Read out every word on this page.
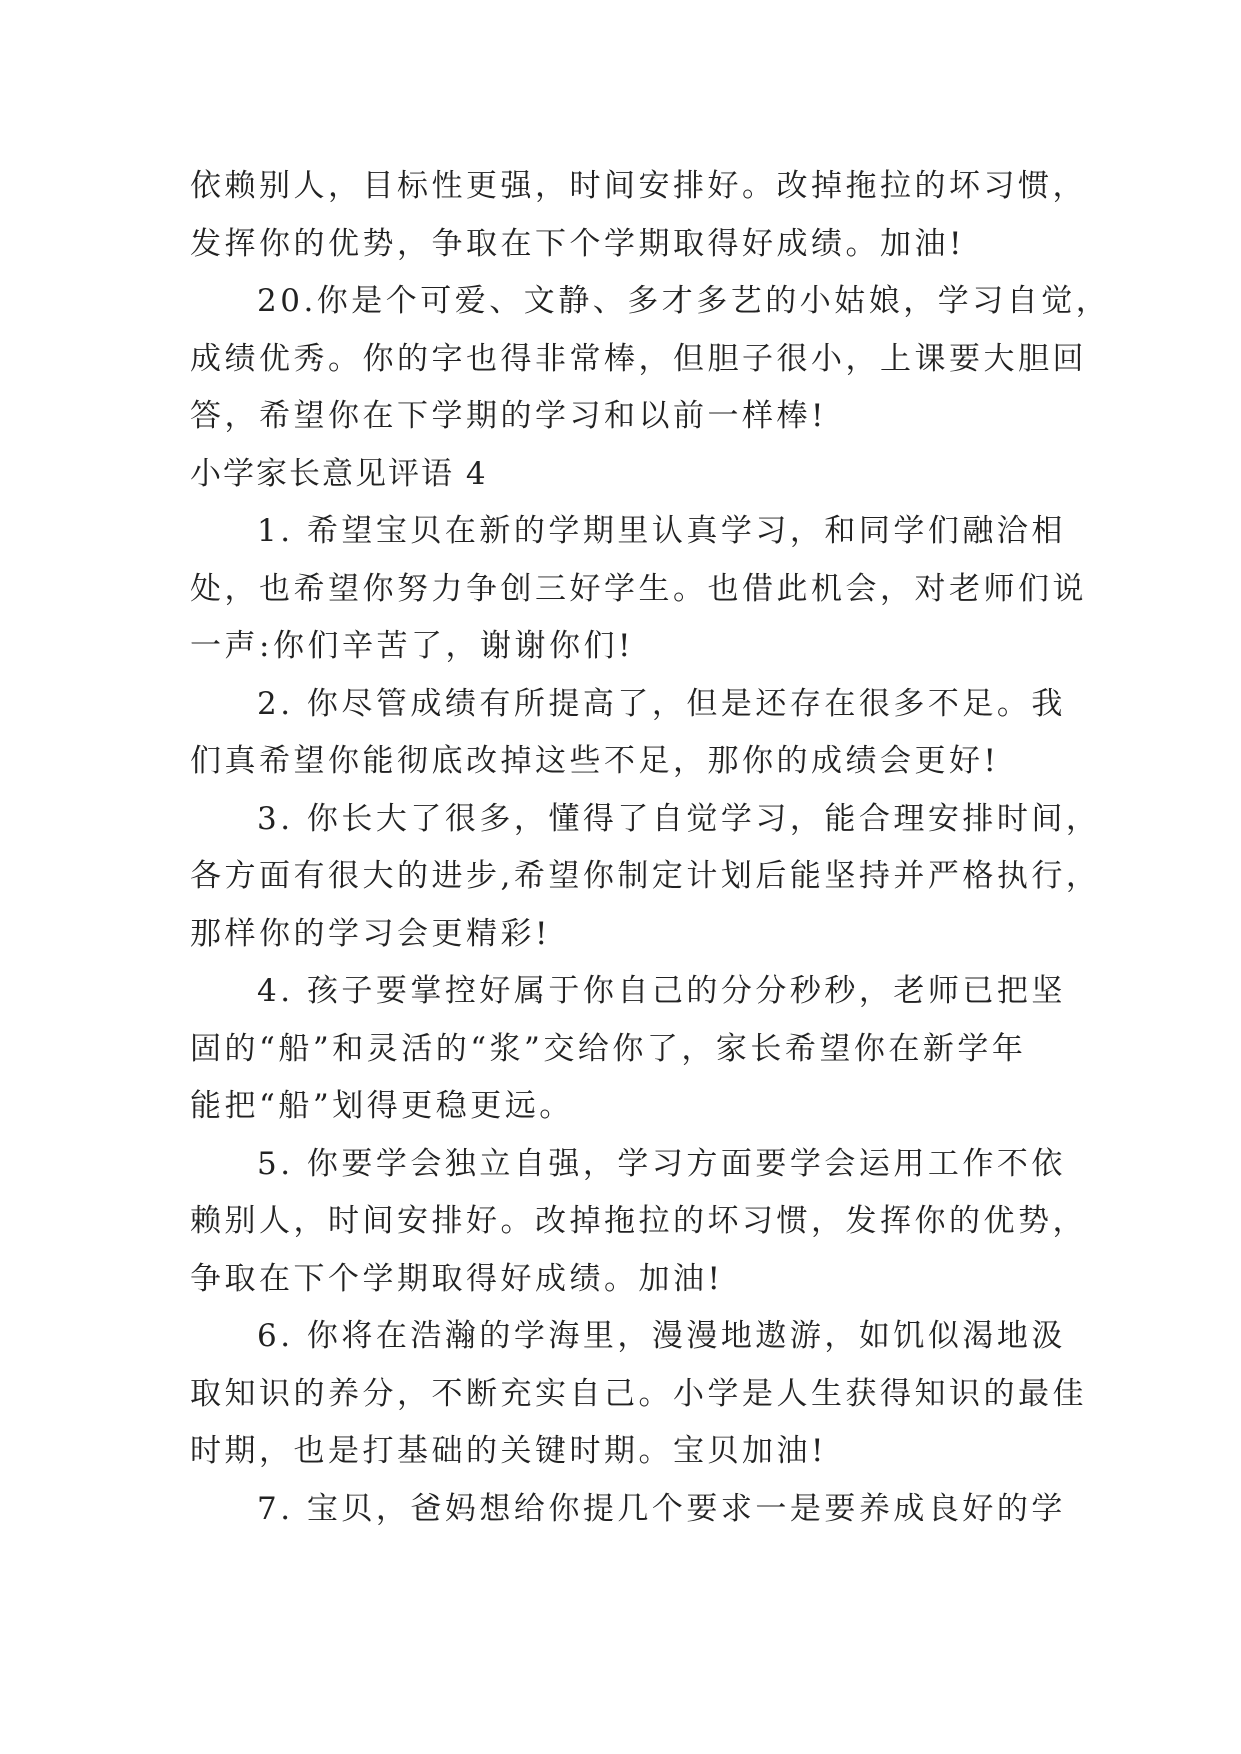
依赖别人，目标性更强，时间安排好。改掉拖拉的坏习惯，
发挥你的优势，争取在下个学期取得好成绩。加油!
20.你是个可爱、文静、多才多艺的小姑娘，学习自觉，
成绩优秀。你的字也得非常棒，但胆子很小，上课要大胆回
答，希望你在下学期的学习和以前一样棒!
小学家长意见评语 4
1. 希望宝贝在新的学期里认真学习，和同学们融洽相
处，也希望你努力争创三好学生。也借此机会，对老师们说
一声:你们辛苦了，谢谢你们!
2. 你尽管成绩有所提高了，但是还存在很多不足。我
们真希望你能彻底改掉这些不足，那你的成绩会更好!
3. 你长大了很多，懂得了自觉学习，能合理安排时间，
各方面有很大的进步,希望你制定计划后能坚持并严格执行，
那样你的学习会更精彩!
4. 孩子要掌控好属于你自己的分分秒秒，老师已把坚
固的“船”和灵活的“浆”交给你了，家长希望你在新学年
能把“船”划得更稳更远。
5. 你要学会独立自强，学习方面要学会运用工作不依
赖别人，时间安排好。改掉拖拉的坏习惯，发挥你的优势，
争取在下个学期取得好成绩。加油!
6. 你将在浩瀚的学海里，漫漫地遨游，如饥似渴地汲
取知识的养分，不断充实自己。小学是人生获得知识的最佳
时期，也是打基础的关键时期。宝贝加油!
7. 宝贝，爸妈想给你提几个要求一是要养成良好的学
